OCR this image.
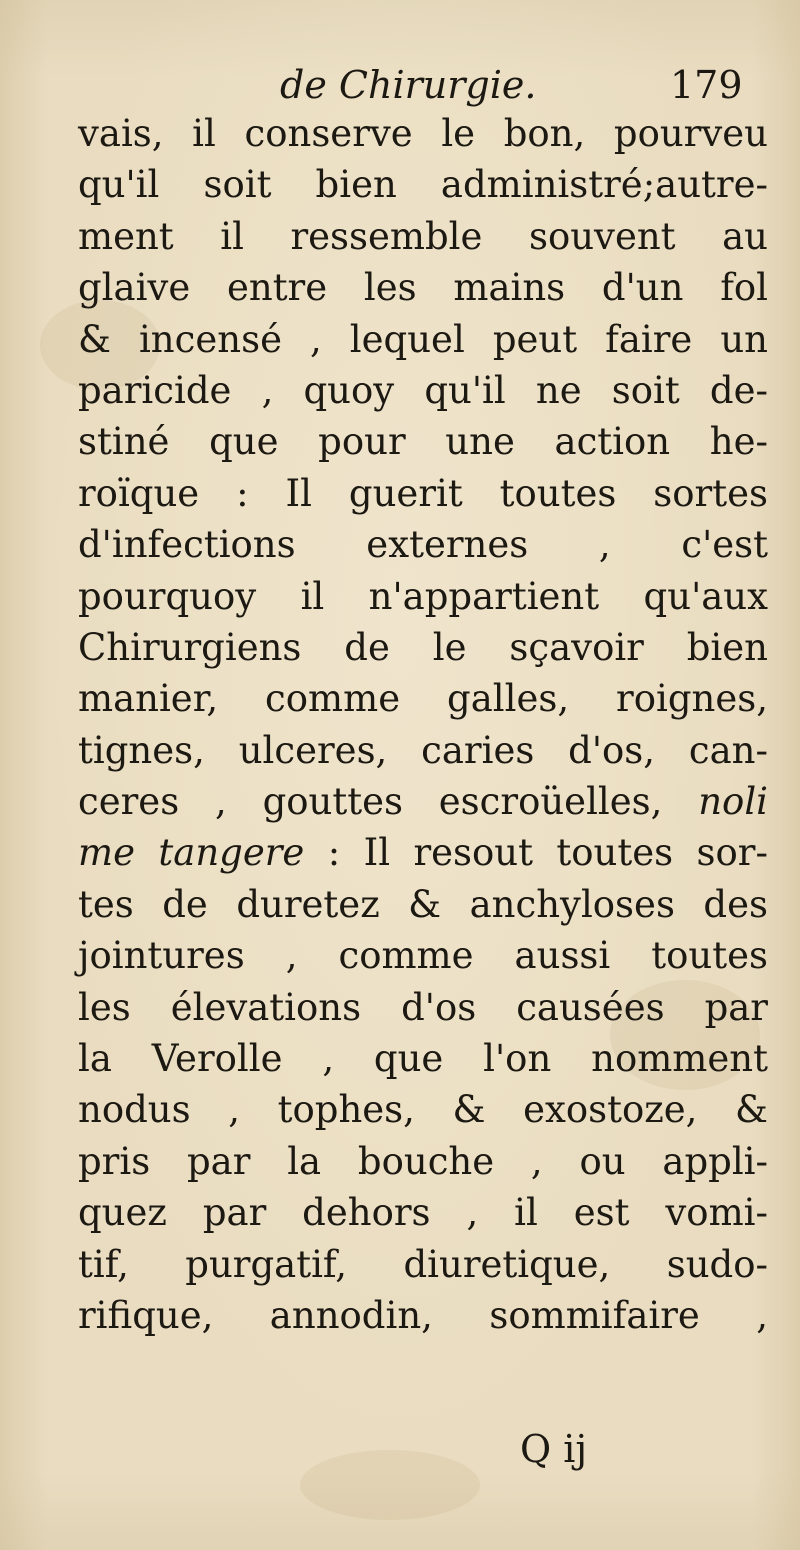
de Chirurgie.	179
vais, il conserve le bon, pourveu
qu'il soit bien administré;autre-
ment il ressemble souvent au
glaive entre les mains d'un fol
& incensé , lequel peut faire un
paricide , quoy qu'il ne soit de-
stiné que pour une action he-
roïque : Il guerit toutes sortes
d'infections externes , c'est
pourquoy il n'appartient qu'aux
Chirurgiens de le sçavoir bien
manier, comme galles, roignes,
tignes, ulceres, caries d'os, can-
ceres , gouttes escroüelles, noli
me tangere : Il resout toutes sor-
tes de duretez & anchyloses des
jointures , comme aussi toutes
les élevations d'os causées par
la Verolle , que l'on nomment
nodus , tophes, & exostoze, &
pris par la bouche , ou appli-
quez par dehors , il est vomi-
tif, purgatif, diuretique, sudo-
rifique, annodin, sommifaire ,
Q ij
